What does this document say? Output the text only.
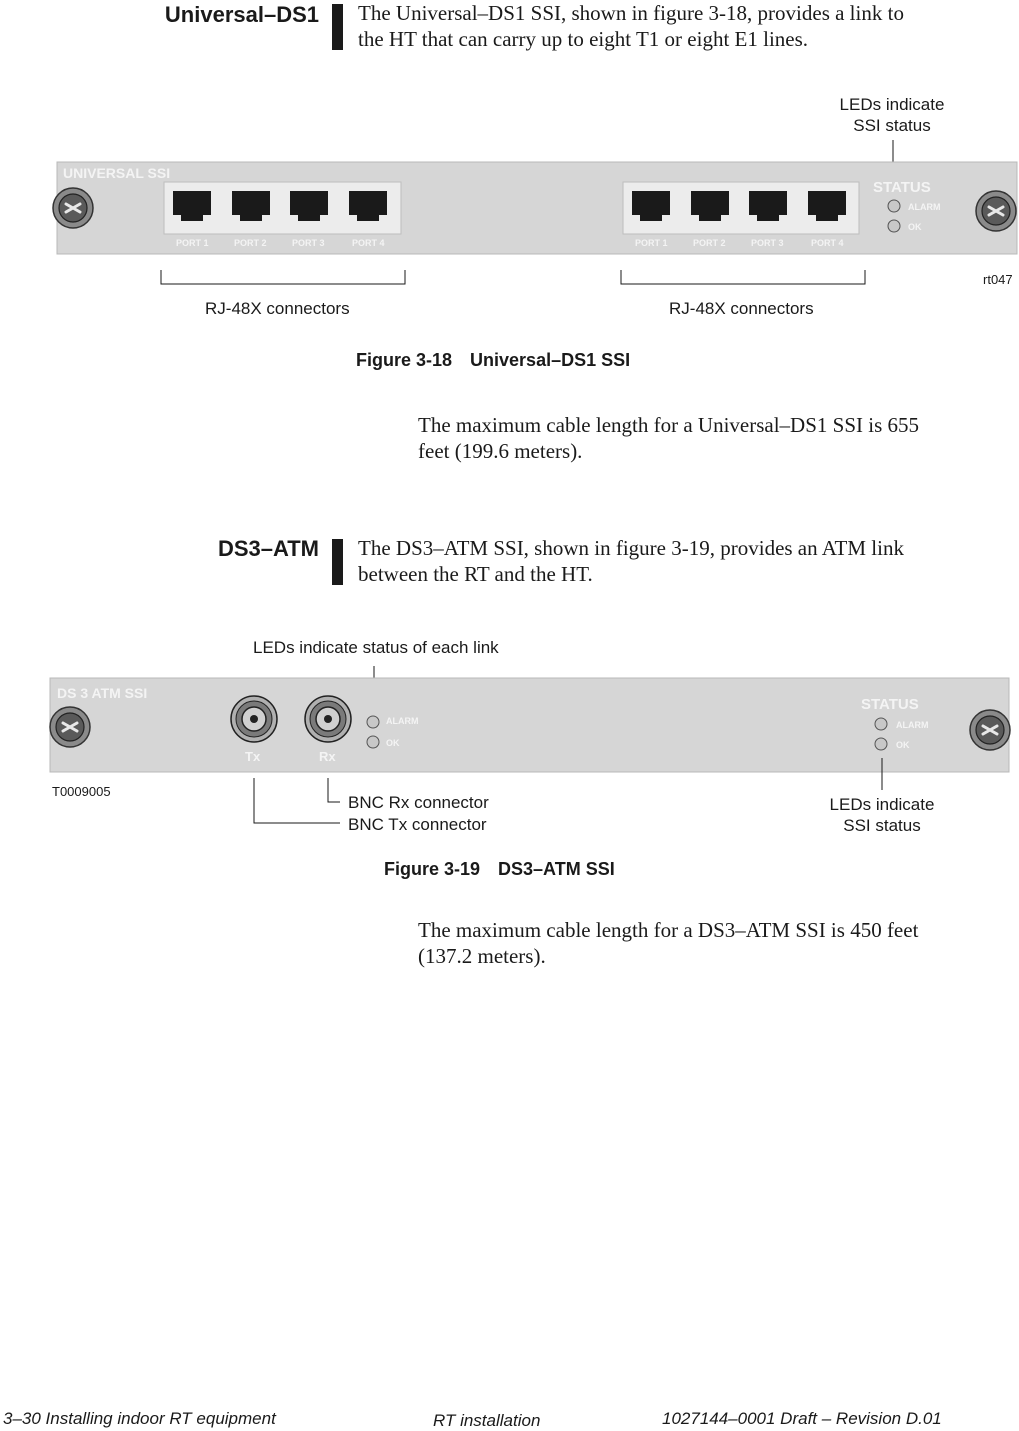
Universal–DS1 The Universal–DS1 SSI, shown in figure 3-18, provides a link to
the HT that can carry up to eight T1 or eight E1 lines.
LEDs indicate
SSI status
UNIVERSAL SSI
PORT 1	PORT 2	PORT 3	PORT 4	PORT 1	PORT 2	PORT 3	PORT 4
STATUS
ALARM
OK
rt047
RJ-48X connectors	RJ-48X connectors
Figure 3-18 Universal–DS1 SSI
The maximum cable length for a Universal–DS1 SSI is 655
feet (199.6 meters).
DS3–ATM The DS3–ATM SSI, shown in figure 3-19, provides an ATM link
between the RT and the HT.
LEDs indicate status of each link
DS 3 ATM SSI
Tx	Rx
ALARM
OK
STATUS
ALARM
OK
T0009005
BNC Rx connector
BNC Tx connector
LEDs indicate
SSI status
Figure 3-19 DS3–ATM SSI
The maximum cable length for a DS3–ATM SSI is 450 feet
(137.2 meters).
3–30 Installing indoor RT equipment	RT installation	1027144–0001 Draft – Revision D.01
